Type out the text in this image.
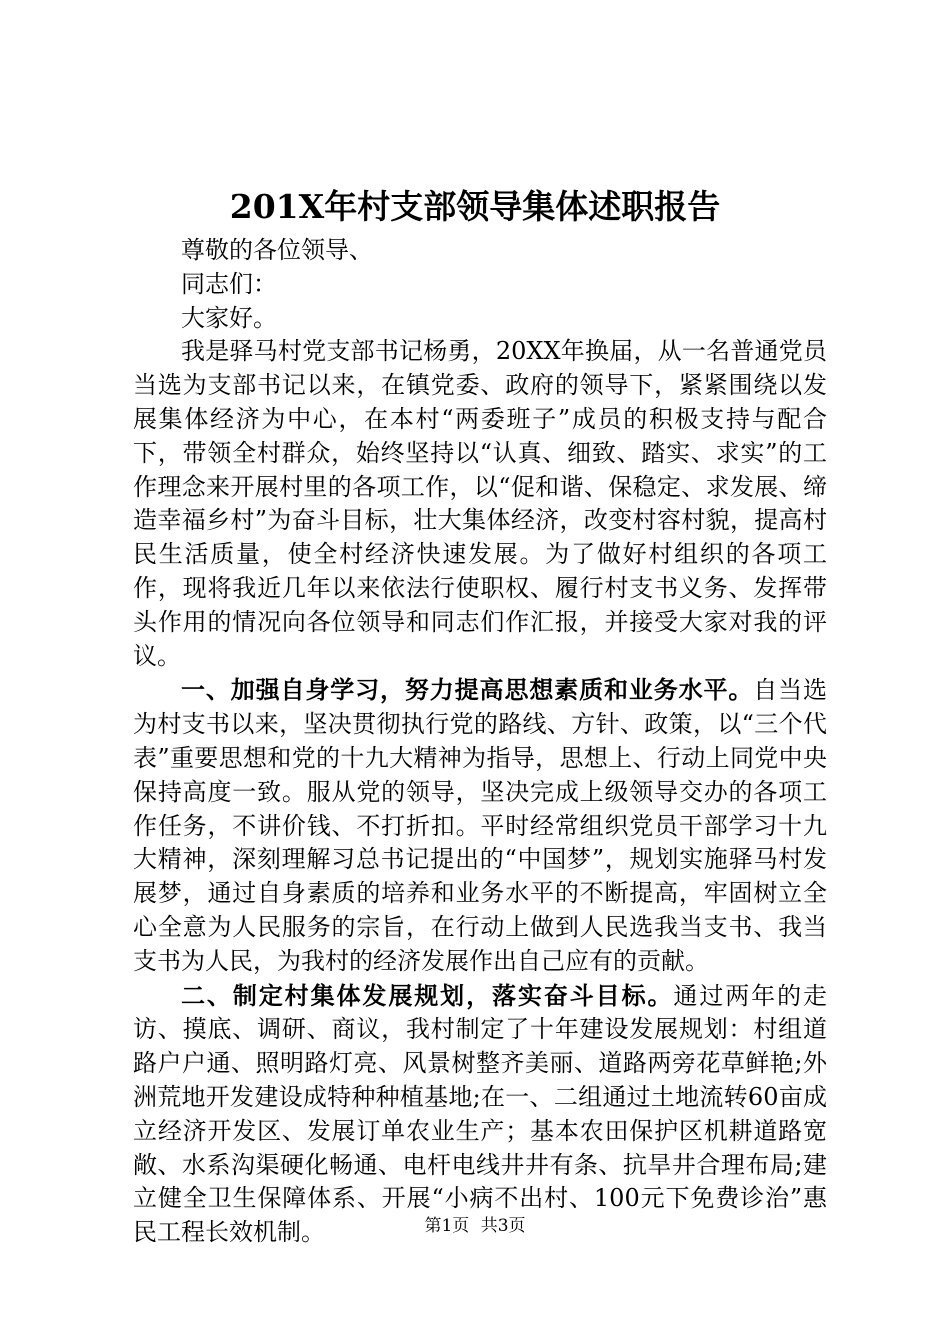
201X年村支部领导集体述职报告

尊敬的各位领导、

同志们：

大家好。

我是驿马村党支部书记杨勇，20XX年换届，从一名普通党员当选为支部书记以来，在镇党委、政府的领导下，紧紧围绕以发展集体经济为中心，在本村“两委班子”成员的积极支持与配合下，带领全村群众，始终坚持以“认真、细致、踏实、求实”的工作理念来开展村里的各项工作，以“促和谐、保稳定、求发展、缔造幸福乡村”为奋斗目标，壮大集体经济，改变村容村貌，提高村民生活质量，使全村经济快速发展。为了做好村组织的各项工作，现将我近几年以来依法行使职权、履行村支书义务、发挥带头作用的情况向各位领导和同志们作汇报，并接受大家对我的评议。

一、加强自身学习，努力提高思想素质和业务水平。自当选为村支书以来，坚决贯彻执行党的路线、方针、政策，以“三个代表”重要思想和党的十九大精神为指导，思想上、行动上同党中央保持高度一致。服从党的领导，坚决完成上级领导交办的各项工作任务，不讲价钱、不打折扣。平时经常组织党员干部学习十九大精神，深刻理解习总书记提出的“中国梦”，规划实施驿马村发展梦，通过自身素质的培养和业务水平的不断提高，牢固树立全心全意为人民服务的宗旨，在行动上做到人民选我当支书、我当支书为人民，为我村的经济发展作出自己应有的贡献。

二、制定村集体发展规划，落实奋斗目标。通过两年的走访、摸底、调研、商议，我村制定了十年建设发展规划：村组道路户户通、照明路灯亮、风景树整齐美丽、道路两旁花草鲜艳;外洲荒地开发建设成特种种植基地;在一、二组通过土地流转60亩成立经济开发区、发展订单农业生产；基本农田保护区机耕道路宽敞、水系沟渠硬化畅通、电杆电线井井有条、抗旱井合理布局;建立健全卫生保障体系、开展“小病不出村、100元下免费诊治”惠民工程长效机制。	第1页 共3页
